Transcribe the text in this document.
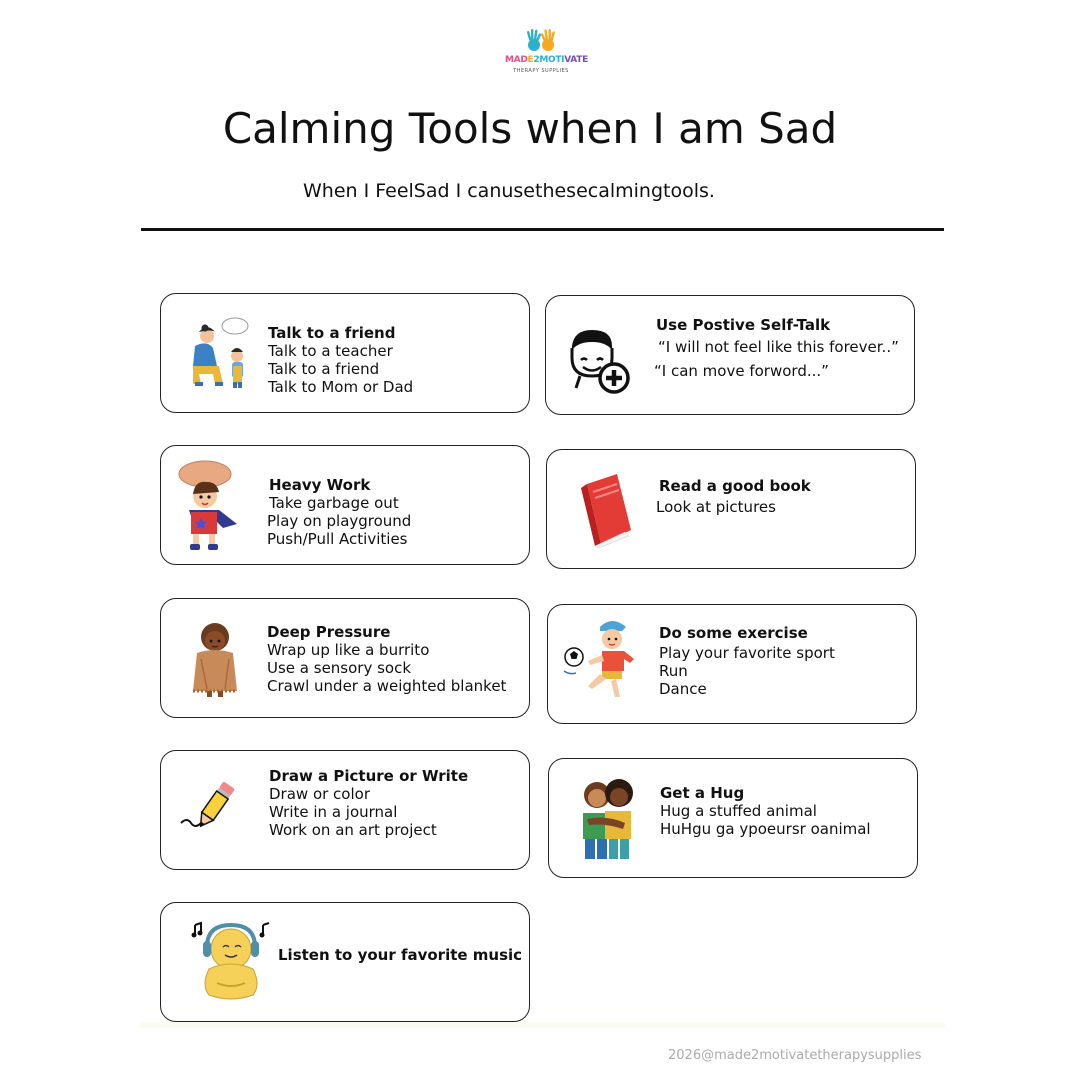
MADE2MOTIVATE
THERAPY SUPPLIES
Calming Tools when I am Sad
When I FeelSad I canusethesecalmingtools.
Talk to a friend
Talk to a teacher
Talk to a friend
Talk to Mom or Dad
Use Postive Self-Talk
“I will not feel like this forever..”
“I can move forword...”
Heavy Work
Take garbage out
Play on playground
Push/Pull Activities
Read a good book
Look at pictures
Deep Pressure
Wrap up like a burrito
Use a sensory sock
Crawl under a weighted blanket
Do some exercise
Play your favorite sport
Run
Dance
Draw a Picture or Write
Draw or color
Write in a journal
Work on an art project
Get a Hug
Hug a stuffed animal
HuHgu ga ypoeursr oanimal
Listen to your favorite music
2026@made2motivatetherapysupplies
